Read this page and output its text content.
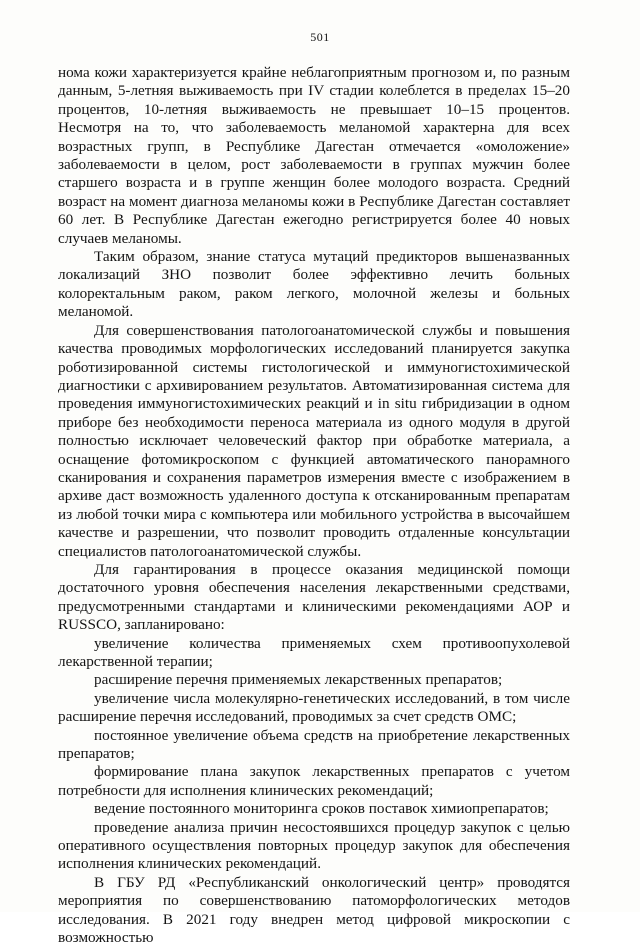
501

нома кожи характеризуется крайне неблагоприятным прогнозом и, по разным данным, 5-летняя выживаемость при IV стадии колеблется в пределах 15–20 процентов, 10-летняя выживаемость не превышает 10–15 процентов. Несмотря на то, что заболеваемость меланомой характерна для всех возрастных групп, в Республике Дагестан отмечается «омоложение» заболеваемости в целом, рост заболеваемости в группах мужчин более старшего возраста и в группе женщин более молодого возраста. Средний возраст на момент диагноза меланомы кожи в Республике Дагестан составляет 60 лет. В Республике Дагестан ежегодно регистрируется более 40 новых случаев меланомы.

Таким образом, знание статуса мутаций предикторов вышеназванных локализаций ЗНО позволит более эффективно лечить больных колоректальным раком, раком легкого, молочной железы и больных меланомой.

Для совершенствования патологоанатомической службы и повышения качества проводимых морфологических исследований планируется закупка роботизированной системы гистологической и иммуногистохимической диагностики с архивированием результатов. Автоматизированная система для проведения иммуногистохимических реакций и in situ гибридизации в одном приборе без необходимости переноса материала из одного модуля в другой полностью исключает человеческий фактор при обработке материала, а оснащение фотомикроскопом с функцией автоматического панорамного сканирования и сохранения параметров измерения вместе с изображением в архиве даст возможность удаленного доступа к отсканированным препаратам из любой точки мира с компьютера или мобильного устройства в высочайшем качестве и разрешении, что позволит проводить отдаленные консультации специалистов патологоанатомической службы.

Для гарантирования в процессе оказания медицинской помощи достаточного уровня обеспечения населения лекарственными средствами, предусмотренными стандартами и клиническими рекомендациями АОР и RUSSCO, запланировано:

увеличение количества применяемых схем противоопухолевой лекарственной терапии;

расширение перечня применяемых лекарственных препаратов;

увеличение числа молекулярно-генетических исследований, в том числе расширение перечня исследований, проводимых за счет средств ОМС;

постоянное увеличение объема средств на приобретение лекарственных препаратов;

формирование плана закупок лекарственных препаратов с учетом потребности для исполнения клинических рекомендаций;

ведение постоянного мониторинга сроков поставок химиопрепаратов;

проведение анализа причин несостоявшихся процедур закупок с целью оперативного осуществления повторных процедур закупок для обеспечения исполнения клинических рекомендаций.

В ГБУ РД «Республиканский онкологический центр» проводятся мероприятия по совершенствованию патоморфологических методов исследования. В 2021 году внедрен метод цифровой микроскопии с возможностью
